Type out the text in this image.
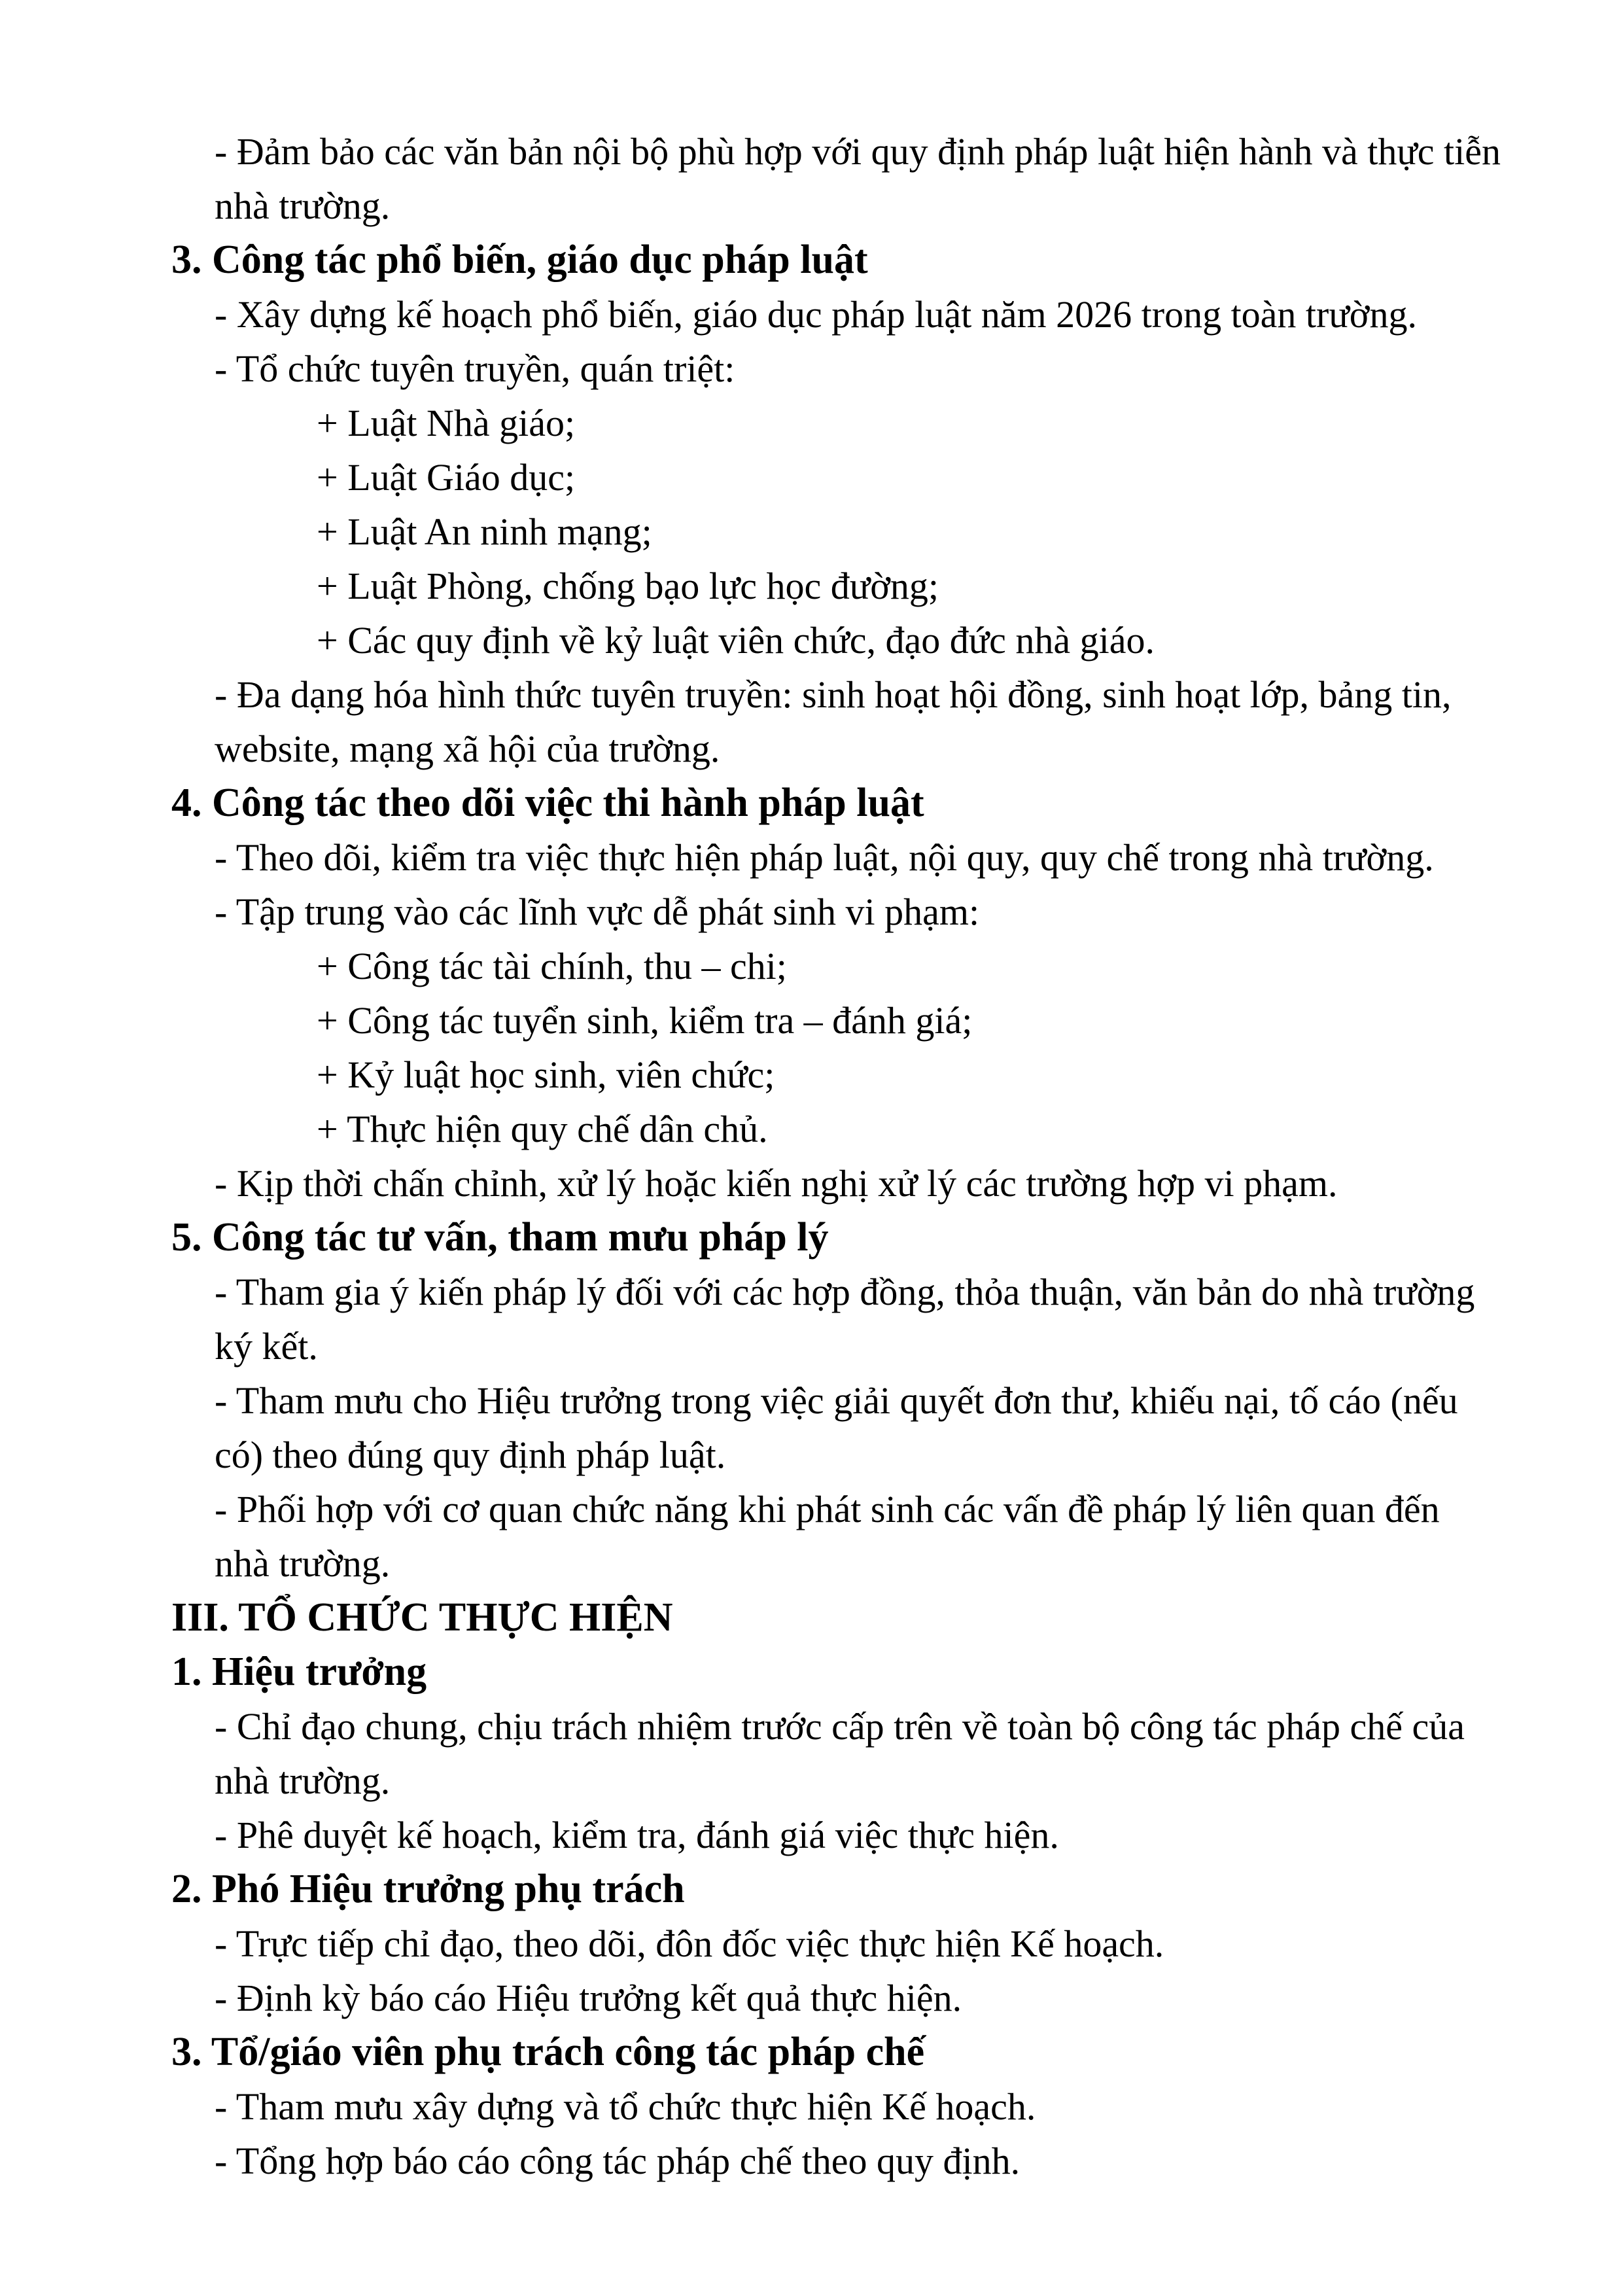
- Đảm bảo các văn bản nội bộ phù hợp với quy định pháp luật hiện hành và thực tiễn
nhà trường.
3. Công tác phổ biến, giáo dục pháp luật
- Xây dựng kế hoạch phổ biến, giáo dục pháp luật năm 2026 trong toàn trường.
- Tổ chức tuyên truyền, quán triệt:
+ Luật Nhà giáo;
+ Luật Giáo dục;
+ Luật An ninh mạng;
+ Luật Phòng, chống bạo lực học đường;
+ Các quy định về kỷ luật viên chức, đạo đức nhà giáo.
- Đa dạng hóa hình thức tuyên truyền: sinh hoạt hội đồng, sinh hoạt lớp, bảng tin,
website, mạng xã hội của trường.
4. Công tác theo dõi việc thi hành pháp luật
- Theo dõi, kiểm tra việc thực hiện pháp luật, nội quy, quy chế trong nhà trường.
- Tập trung vào các lĩnh vực dễ phát sinh vi phạm:
+ Công tác tài chính, thu – chi;
+ Công tác tuyển sinh, kiểm tra – đánh giá;
+ Kỷ luật học sinh, viên chức;
+ Thực hiện quy chế dân chủ.
- Kịp thời chấn chỉnh, xử lý hoặc kiến nghị xử lý các trường hợp vi phạm.
5. Công tác tư vấn, tham mưu pháp lý
- Tham gia ý kiến pháp lý đối với các hợp đồng, thỏa thuận, văn bản do nhà trường
ký kết.
- Tham mưu cho Hiệu trưởng trong việc giải quyết đơn thư, khiếu nại, tố cáo (nếu
có) theo đúng quy định pháp luật.
- Phối hợp với cơ quan chức năng khi phát sinh các vấn đề pháp lý liên quan đến
nhà trường.
III. TỔ CHỨC THỰC HIỆN
1. Hiệu trưởng
- Chỉ đạo chung, chịu trách nhiệm trước cấp trên về toàn bộ công tác pháp chế của
nhà trường.
- Phê duyệt kế hoạch, kiểm tra, đánh giá việc thực hiện.
2. Phó Hiệu trưởng phụ trách
- Trực tiếp chỉ đạo, theo dõi, đôn đốc việc thực hiện Kế hoạch.
- Định kỳ báo cáo Hiệu trưởng kết quả thực hiện.
3. Tổ/giáo viên phụ trách công tác pháp chế
- Tham mưu xây dựng và tổ chức thực hiện Kế hoạch.
- Tổng hợp báo cáo công tác pháp chế theo quy định.
